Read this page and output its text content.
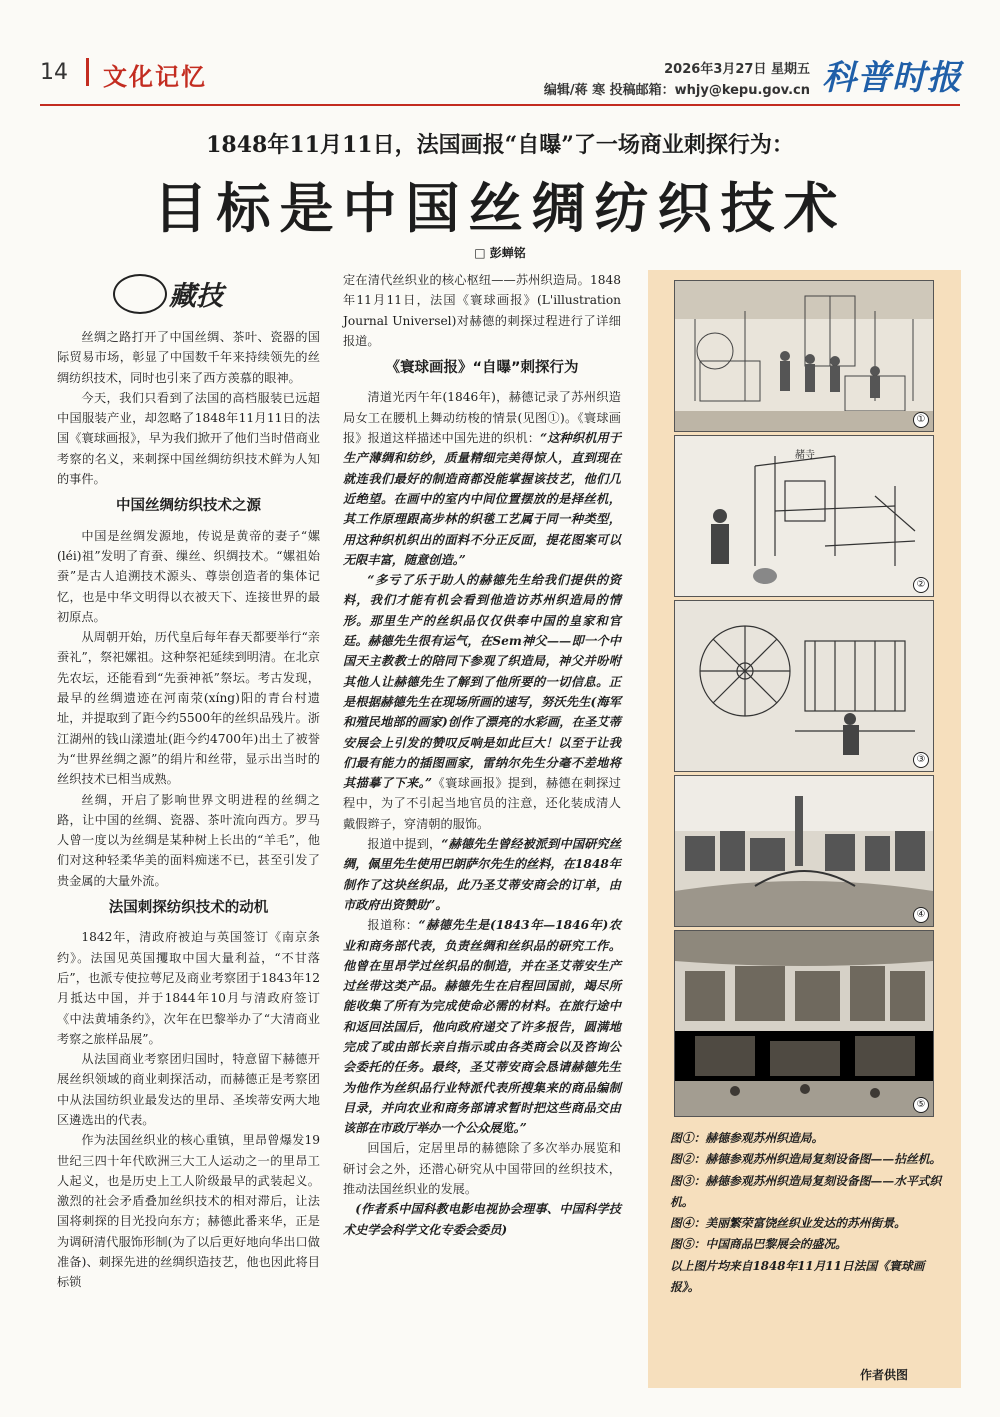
14 文化记忆	2026年3月27日 星期五
编辑/蒋 寒 投稿邮箱：whjy@kepu.gov.cn 科普时报
1848年11月11日，法国画报“自曝”了一场商业刺探行为：
目标是中国丝绸纺织技术
□ 彭蝉铭
藏技

丝绸之路打开了中国丝绸、茶叶、瓷器的国际贸易市场，彰显了中国数千年来持续领先的丝绸纺织技术，同时也引来了西方羡慕的眼神。

今天，我们只看到了法国的高档服装已远超中国服装产业，却忽略了1848年11月11日的法国《寰球画报》，早为我们掀开了他们当时借商业考察的名义，来刺探中国丝绸纺织技术鲜为人知的事件。

中国丝绸纺织技术之源

中国是丝绸发源地，传说是黄帝的妻子“嫘(léi)祖”发明了育蚕、缫丝、织绸技术。“嫘祖始蚕”是古人追溯技术源头、尊崇创造者的集体记忆，也是中华文明得以衣被天下、连接世界的最初原点。

从周朝开始，历代皇后每年春天都要举行“亲蚕礼”，祭祀嫘祖。这种祭祀延续到明清。在北京先农坛，还能看到“先蚕神祇”祭坛。考古发现，最早的丝绸遗迹在河南荥(xíng)阳的青台村遗址，并提取到了距今约5500年的丝织品残片。浙江湖州的钱山漾遗址(距今约4700年)出土了被誉为“世界丝绸之源”的绢片和丝带，显示出当时的丝织技术已相当成熟。

丝绸，开启了影响世界文明进程的丝绸之路，让中国的丝绸、瓷器、茶叶流向西方。罗马人曾一度以为丝绸是某种树上长出的“羊毛”，他们对这种轻柔华美的面料痴迷不已，甚至引发了贵金属的大量外流。

法国刺探纺织技术的动机

1842年，清政府被迫与英国签订《南京条约》。法国见英国攫取中国大量利益，“不甘落后”，也派专使拉萼尼及商业考察团于1843年12月抵达中国，并于1844年10月与清政府签订《中法黄埔条约》，次年在巴黎举办了“大清商业考察之旅样品展”。

从法国商业考察团归国时，特意留下赫德开展丝织领域的商业刺探活动，而赫德正是考察团中从法国纺织业最发达的里昂、圣埃蒂安两大地区遴选出的代表。

作为法国丝织业的核心重镇，里昂曾爆发19世纪三四十年代欧洲三大工人运动之一的里昂工人起义，也是历史上工人阶级最早的武装起义。激烈的社会矛盾叠加丝织技术的相对滞后，让法国将刺探的目光投向东方；赫德此番来华，正是为调研清代服饰形制(为了以后更好地向华出口做准备)、刺探先进的丝绸织造技艺，他也因此将目标锁

定在清代丝织业的核心枢纽——苏州织造局。1848年11月11日，法国《寰球画报》(L'illustration Journal Universel)对赫德的刺探过程进行了详细报道。

《寰球画报》“自曝”刺探行为

清道光丙午年(1846年)，赫德记录了苏州织造局女工在腰机上舞动纺梭的情景(见图①)。《寰球画报》报道这样描述中国先进的织机：“这种织机用于生产薄绸和纺纱，质量精细完美得惊人，直到现在就连我们最好的制造商都没能掌握该技艺，他们几近绝望。在画中的室内中间位置摆放的是择丝机，其工作原理跟高步林的织毯工艺属于同一种类型，用这种织机织出的面料不分正反面，提花图案可以无限丰富，随意创造。”

“多亏了乐于助人的赫德先生给我们提供的资料，我们才能有机会看到他造访苏州织造局的情形。那里生产的丝织品仅仅供奉中国的皇家和官廷。赫德先生很有运气，在Sem神父——即一个中国天主教教士的陪同下参观了织造局，神父并吩咐其他人让赫德先生了解到了他所要的一切信息。正是根据赫德先生在现场所画的速写，努沃先生(海军和殖民地部的画家)创作了漂亮的水彩画，在圣艾蒂安展会上引发的赞叹反响是如此巨大！以至于让我们最有能力的插图画家，雷纳尔先生分毫不差地将其描摹了下来。”《寰球画报》提到，赫德在刺探过程中，为了不引起当地官员的注意，还化装成清人戴假辫子，穿清朝的服饰。

报道中提到，“赫德先生曾经被派到中国研究丝绸，佩里先生使用巴朗萨尔先生的丝料，在1848年制作了这块丝织品，此乃圣艾蒂安商会的订单，由市政府出资赞助”。

报道称：“赫德先生是(1843年—1846年)农业和商务部代表，负责丝绸和丝织品的研究工作。他曾在里昂学过丝织品的制造，并在圣艾蒂安生产过丝带这类产品。赫德先生在启程回国前，竭尽所能收集了所有为完成使命必需的材料。在旅行途中和返回法国后，他向政府递交了许多报告，圆满地完成了或由部长亲自指示或由各类商会以及咨询公会委托的任务。最终，圣艾蒂安商会恳请赫德先生为他作为丝织品行业特派代表所搜集来的商品编制目录，并向农业和商务部请求暂时把这些商品交由该部在市政厅举办一个公众展览。”

回国后，定居里昂的赫德除了多次举办展览和研讨会之外，还潜心研究从中国带回的丝织技术，推动法国丝织业的发展。

(作者系中国科教电影电视协会理事、中国科学技术史学会科学文化专委会委员)

①
赭寺
②
③
④
⑤
图①：赫德参观苏州织造局。
图②：赫德参观苏州织造局复刻设备图——拈丝机。
图③：赫德参观苏州织造局复刻设备图——水平式织机。
图④：美丽繁荣富饶丝织业发达的苏州街景。
图⑤：中国商品巴黎展会的盛况。
以上图片均来自1848年11月11日法国《寰球画报》。
作者供图
